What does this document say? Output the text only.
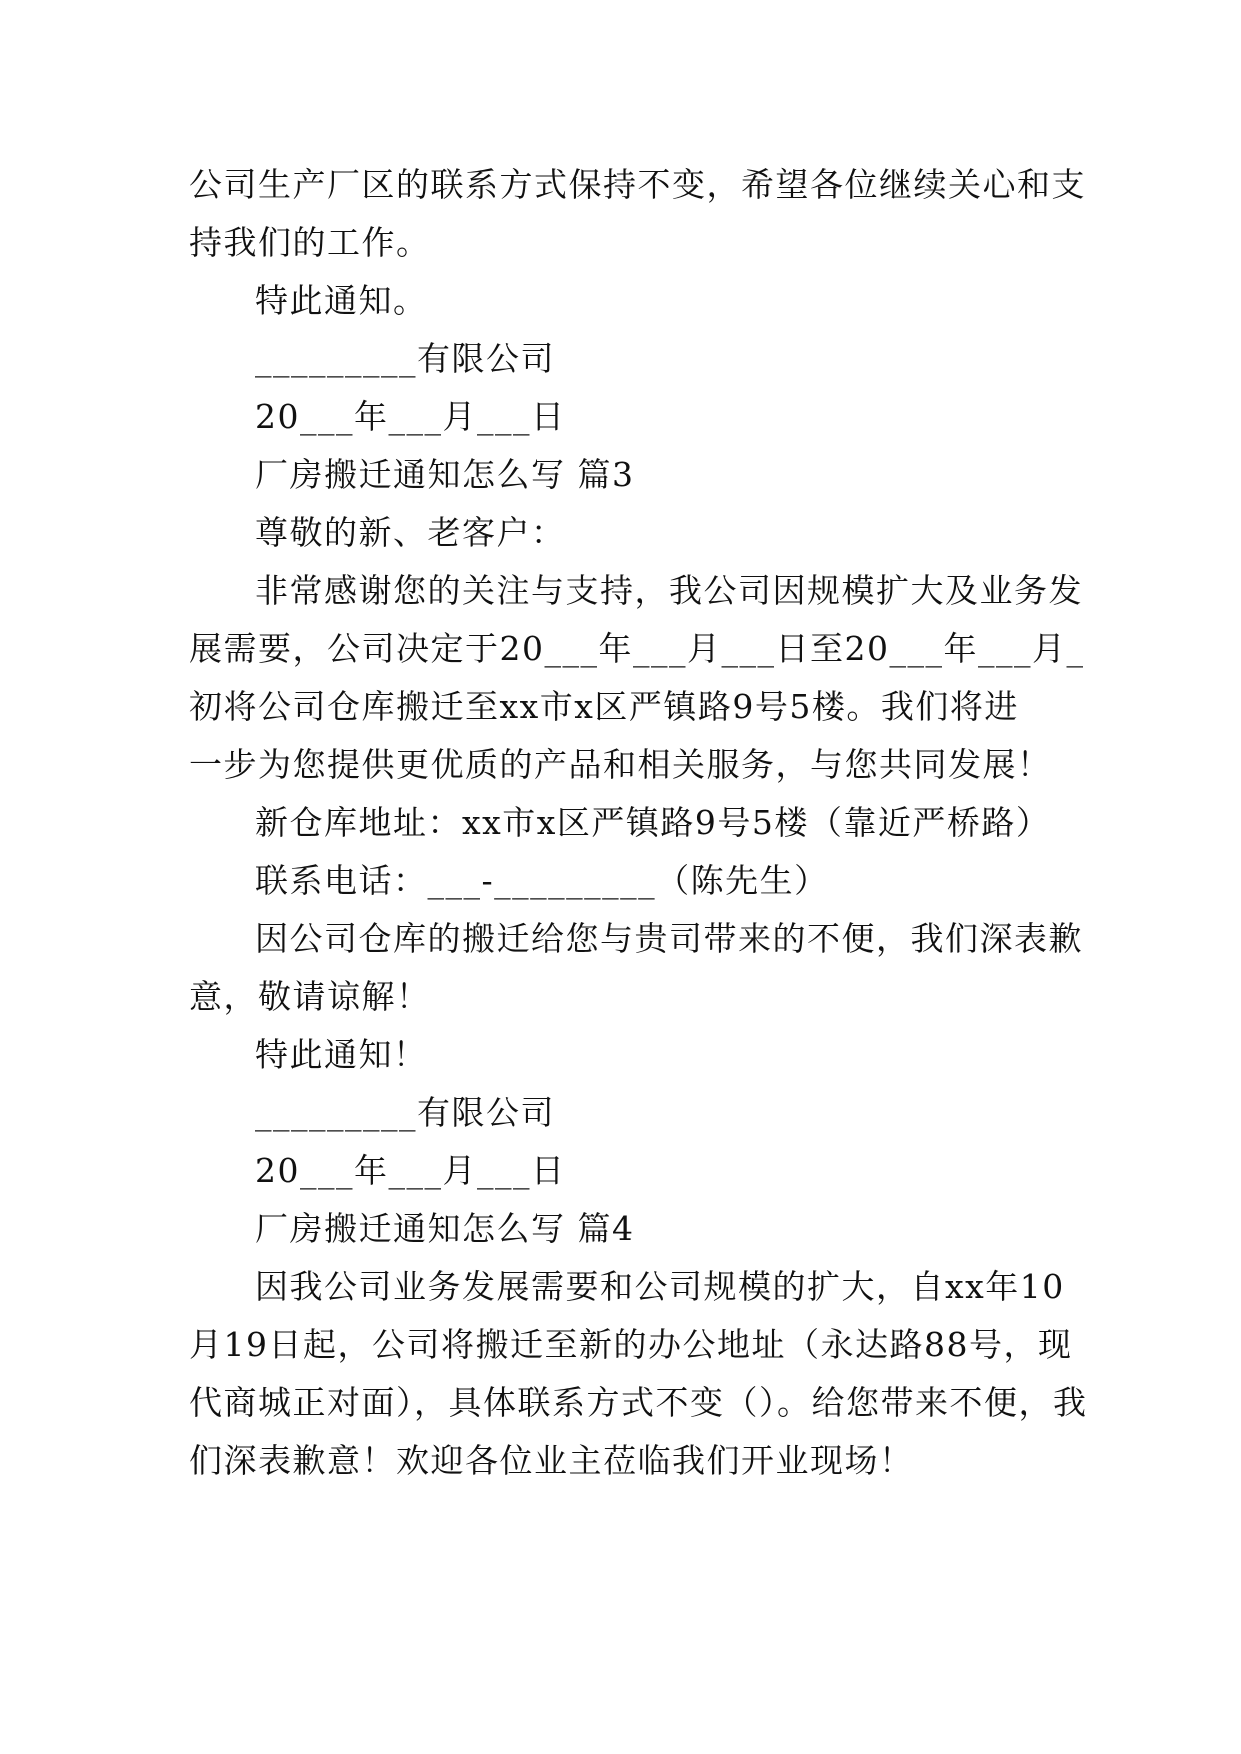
公司生产厂区的联系方式保持不变，希望各位继续关心和支
持我们的工作。
特此通知。
_________有限公司
20___年___月___日
厂房搬迁通知怎么写 篇3
尊敬的新、老客户：
非常感谢您的关注与支持，我公司因规模扩大及业务发
展需要，公司决定于20___年___月___日至20___年___月_
初将公司仓库搬迁至xx市x区严镇路9号5楼。我们将进
一步为您提供更优质的产品和相关服务，与您共同发展！
新仓库地址：xx市x区严镇路9号5楼（靠近严桥路）
联系电话：___-_________（陈先生）
因公司仓库的搬迁给您与贵司带来的不便，我们深表歉
意，敬请谅解！
特此通知！
_________有限公司
20___年___月___日
厂房搬迁通知怎么写 篇4
因我公司业务发展需要和公司规模的扩大，自xx年10
月19日起，公司将搬迁至新的办公地址（永达路88号，现
代商城正对面），具体联系方式不变（）。给您带来不便，我
们深表歉意！欢迎各位业主莅临我们开业现场！
